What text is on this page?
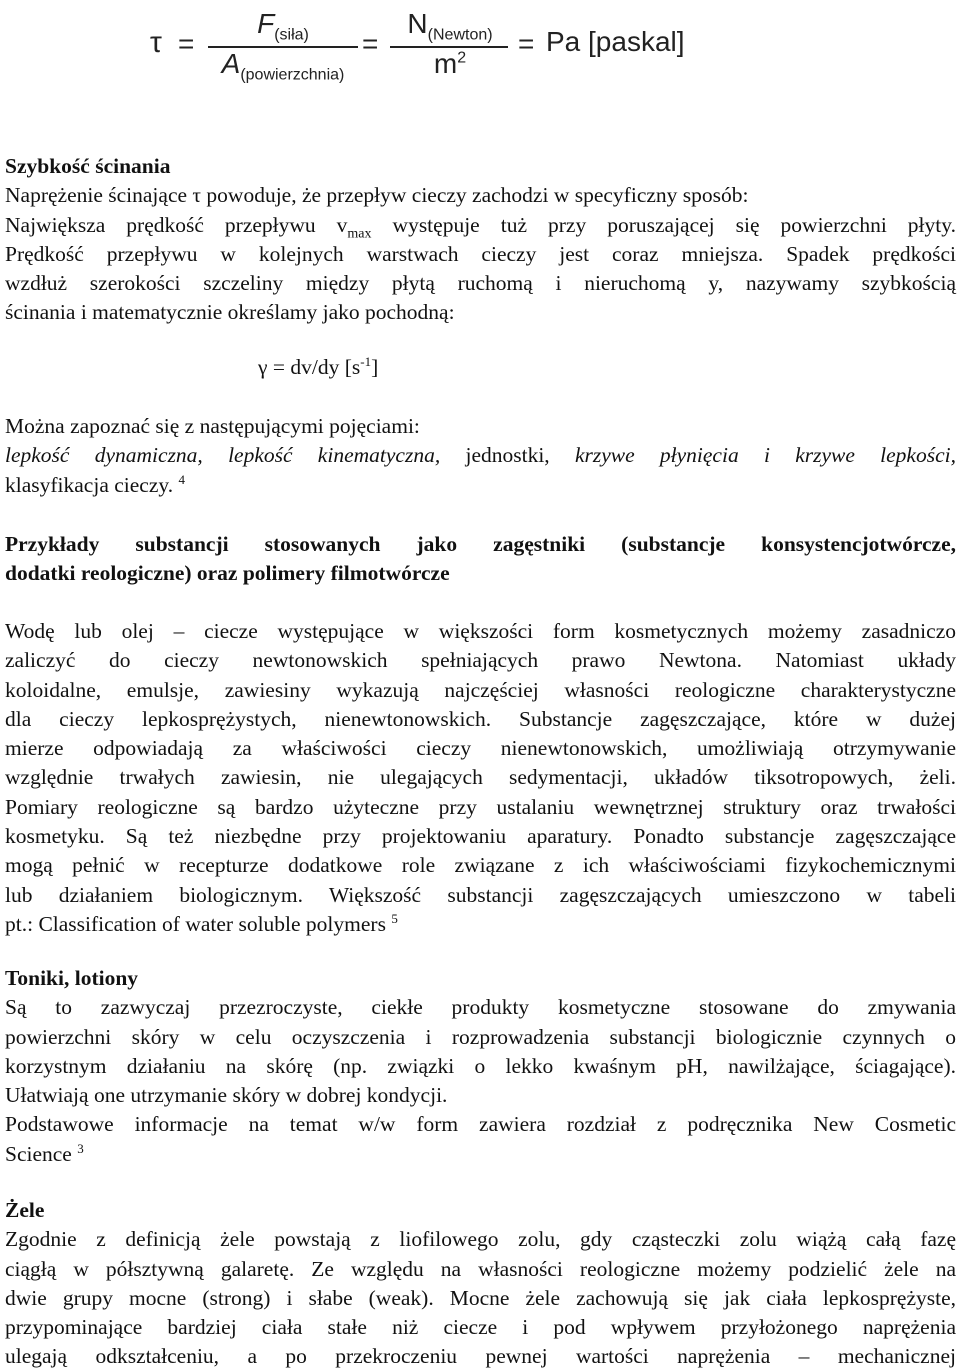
τ =
$F_{(siła)}$
$A_{(powierzchnia)}$
=
$N_{(Newton)}$
$m^2$	= Pa [paskal]
Szybkość ścinania
Naprężenie ścinające τ powoduje, że przepływ cieczy zachodzi w specyficzny sposób:
Największa prędkość przepływu $v_{max}$ występuje tuż przy poruszającej się powierzchni płyty.
Prędkość przepływu w kolejnych warstwach cieczy jest coraz mniejsza. Spadek prędkości
wzdłuż szerokości szczeliny między płytą ruchomą i nieruchomą y, nazywamy szybkością
ścinania i matematycznie określamy jako pochodną:
γ = dv/dy $[s^{-1}]$
Można zapoznać się z następującymi pojęciami:
lepkość dynamiczna, lepkość kinematyczna, jednostki, krzywe płynięcia i krzywe lepkości,
klasyfikacja cieczy. $^4$
Przykłady substancji stosowanych jako zagęstniki (substancje konsystencjotwórcze,
dodatki reologiczne) oraz polimery filmotwórcze
Wodę lub olej – ciecze występujące w większości form kosmetycznych możemy zasadniczo
zaliczyć do cieczy newtonowskich spełniających prawo Newtona. Natomiast układy
koloidalne, emulsje, zawiesiny wykazują najczęściej własności reologiczne charakterystyczne
dla cieczy lepkosprężystych, nienewtonowskich. Substancje zagęszczające, które w dużej
mierze odpowiadają za właściwości cieczy nienewtonowskich, umożliwiają otrzymywanie
względnie trwałych zawiesin, nie ulegających sedymentacji, układów tiksotropowych, żeli.
Pomiary reologiczne są bardzo użyteczne przy ustalaniu wewnętrznej struktury oraz trwałości
kosmetyku. Są też niezbędne przy projektowaniu aparatury. Ponadto substancje zagęszczające
mogą pełnić w recepturze dodatkowe role związane z ich właściwościami fizykochemicznymi
lub działaniem biologicznym. Większość substancji zagęszczających umieszczono w tabeli
pt.: Classification of water soluble polymers $^5$
Toniki, lotiony
Są to zazwyczaj przezroczyste, ciekłe produkty kosmetyczne stosowane do zmywania
powierzchni skóry w celu oczyszczenia i rozprowadzenia substancji biologicznie czynnych o
korzystnym działaniu na skórę (np. związki o lekko kwaśnym pH, nawilżające, ściagające).
Ułatwiają one utrzymanie skóry w dobrej kondycji.
Podstawowe informacje na temat w/w form zawiera rozdział z podręcznika New Cosmetic
Science $^3$
Żele
Zgodnie z definicją żele powstają z liofilowego zolu, gdy cząsteczki zolu wiążą całą fazę
ciągłą w półsztywną galaretę. Ze względu na własności reologiczne możemy podzielić żele na
dwie grupy mocne (strong) i słabe (weak). Mocne żele zachowują się jak ciała lepkosprężyste,
przypominające bardziej ciała stałe niż ciecze i pod wpływem przyłożonego naprężenia
ulegają odkształceniu, a po przekroczeniu pewnej wartości naprężenia – mechanicznej
